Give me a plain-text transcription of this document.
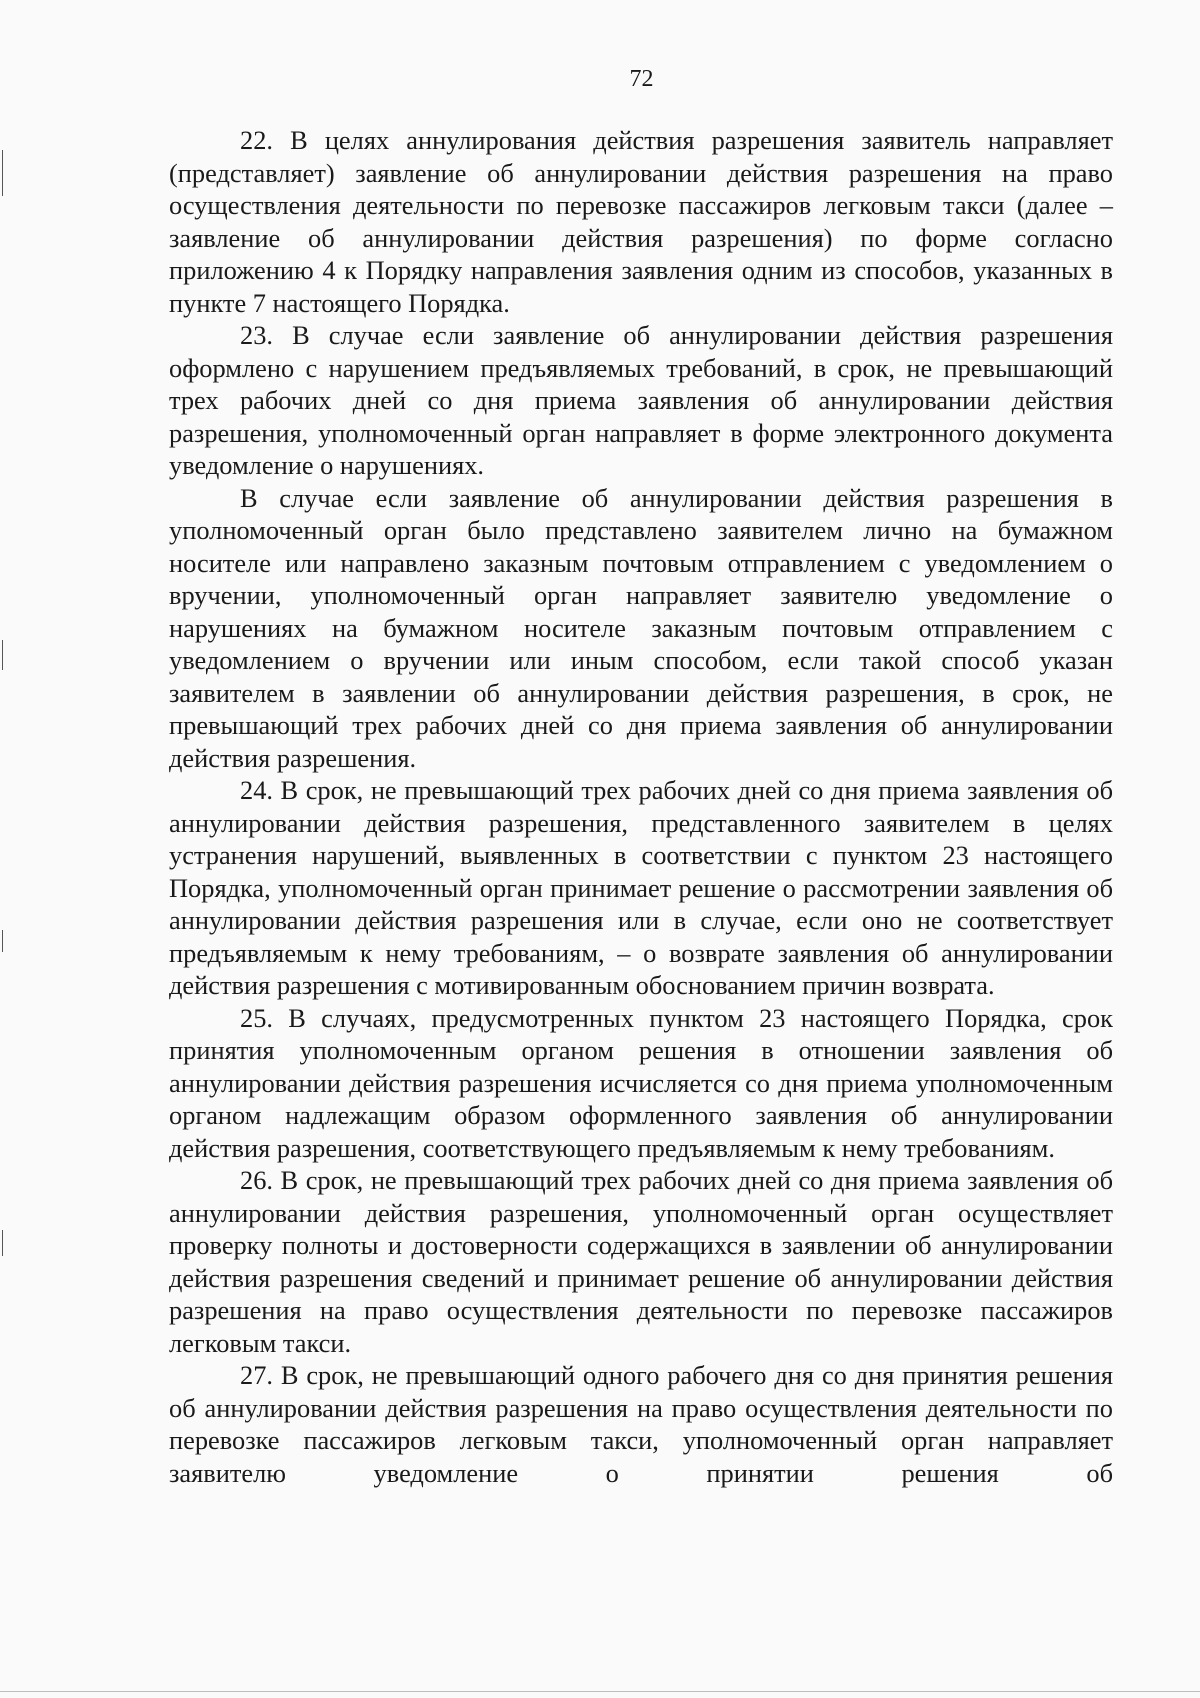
72

22. В целях аннулирования действия разрешения заявитель направляет (представляет) заявление об аннулировании действия разрешения на право осуществления деятельности по перевозке пассажиров легковым такси (далее – заявление об аннулировании действия разрешения) по форме согласно приложению 4 к Порядку направления заявления одним из способов, указанных в пункте 7 настоящего Порядка.

23. В случае если заявление об аннулировании действия разрешения оформлено с нарушением предъявляемых требований, в срок, не превышающий трех рабочих дней со дня приема заявления об аннулировании действия разрешения, уполномоченный орган направляет в форме электронного документа уведомление о нарушениях.

В случае если заявление об аннулировании действия разрешения в уполномоченный орган было представлено заявителем лично на бумажном носителе или направлено заказным почтовым отправлением с уведомлением о вручении, уполномоченный орган направляет заявителю уведомление о нарушениях на бумажном носителе заказным почтовым отправлением с уведомлением о вручении или иным способом, если такой способ указан заявителем в заявлении об аннулировании действия разрешения, в срок, не превышающий трех рабочих дней со дня приема заявления об аннулировании действия разрешения.

24. В срок, не превышающий трех рабочих дней со дня приема заявления об аннулировании действия разрешения, представленного заявителем в целях устранения нарушений, выявленных в соответствии с пунктом 23 настоящего Порядка, уполномоченный орган принимает решение о рассмотрении заявления об аннулировании действия разрешения или в случае, если оно не соответствует предъявляемым к нему требованиям, – о возврате заявления об аннулировании действия разрешения с мотивированным обоснованием причин возврата.

25. В случаях, предусмотренных пунктом 23 настоящего Порядка, срок принятия уполномоченным органом решения в отношении заявления об аннулировании действия разрешения исчисляется со дня приема уполномоченным органом надлежащим образом оформленного заявления об аннулировании действия разрешения, соответствующего предъявляемым к нему требованиям.

26. В срок, не превышающий трех рабочих дней со дня приема заявления об аннулировании действия разрешения, уполномоченный орган осуществляет проверку полноты и достоверности содержащихся в заявлении об аннулировании действия разрешения сведений и принимает решение об аннулировании действия разрешения на право осуществления деятельности по перевозке пассажиров легковым такси.

27. В срок, не превышающий одного рабочего дня со дня принятия решения об аннулировании действия разрешения на право осуществления деятельности по перевозке пассажиров легковым такси, уполномоченный орган направляет заявителю уведомление о принятии решения об
